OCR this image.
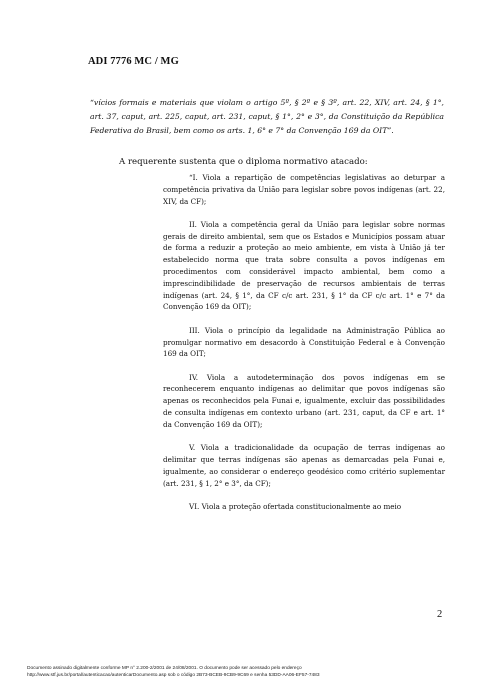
ADI 7776 MC / MG

“vícios formais e materiais que violam o artigo 5º, § 2º e § 3º, art. 22, XIV, art. 24, § 1°, art. 37, caput, art. 225, caput, art. 231, caput, § 1°, 2° e 3°, da Constituição da República Federativa do Brasil, bem como os arts. 1, 6° e 7° da Convenção 169 da OIT”.

A requerente sustenta que o diploma normativo atacado:

“I. Viola a repartição de competências legislativas ao deturpar a competência privativa da União para legislar sobre povos indígenas (art. 22, XIV, da CF);

II. Viola a competência geral da União para legislar sobre normas gerais de direito ambiental, sem que os Estados e Municípios possam atuar de forma a reduzir a proteção ao meio ambiente, em vista à União já ter estabelecido norma que trata sobre consulta a povos indígenas em procedimentos com considerável impacto ambiental, bem como a imprescindibilidade de preservação de recursos ambientais de terras indígenas (art. 24, § 1°, da CF c/c art. 231, § 1° da CF c/c art. 1° e 7° da Convenção 169 da OIT);

III. Viola o princípio da legalidade na Administração Pública ao promulgar normativo em desacordo à Constituição Federal e à Convenção 169 da OIT;

IV. Viola a autodeterminação dos povos indígenas em se reconhecerem enquanto indígenas ao delimitar que povos indígenas são apenas os reconhecidos pela Funai e, igualmente, excluir das possibilidades de consulta indígenas em contexto urbano (art. 231, caput, da CF e art. 1° da Convenção 169 da OIT);

V. Viola a tradicionalidade da ocupação de terras indígenas ao delimitar que terras indígenas são apenas as demarcadas pela Funai e, igualmente, ao considerar o endereço geodésico como critério suplementar (art. 231, § 1, 2° e 3°, da CF);

VI. Viola a proteção ofertada constitucionalmente ao meio

2
Documento assinado digitalmente conforme MP n° 2.200-2/2001 de 24/08/2001. O documento pode ser acessado pelo endereço
http://www.stf.jus.br/portal/autenticacao/autenticarDocumento.asp sob o código 2B73-BCEB-9CB9-9C69 e senha 53DD-AA06-EF57-7483
